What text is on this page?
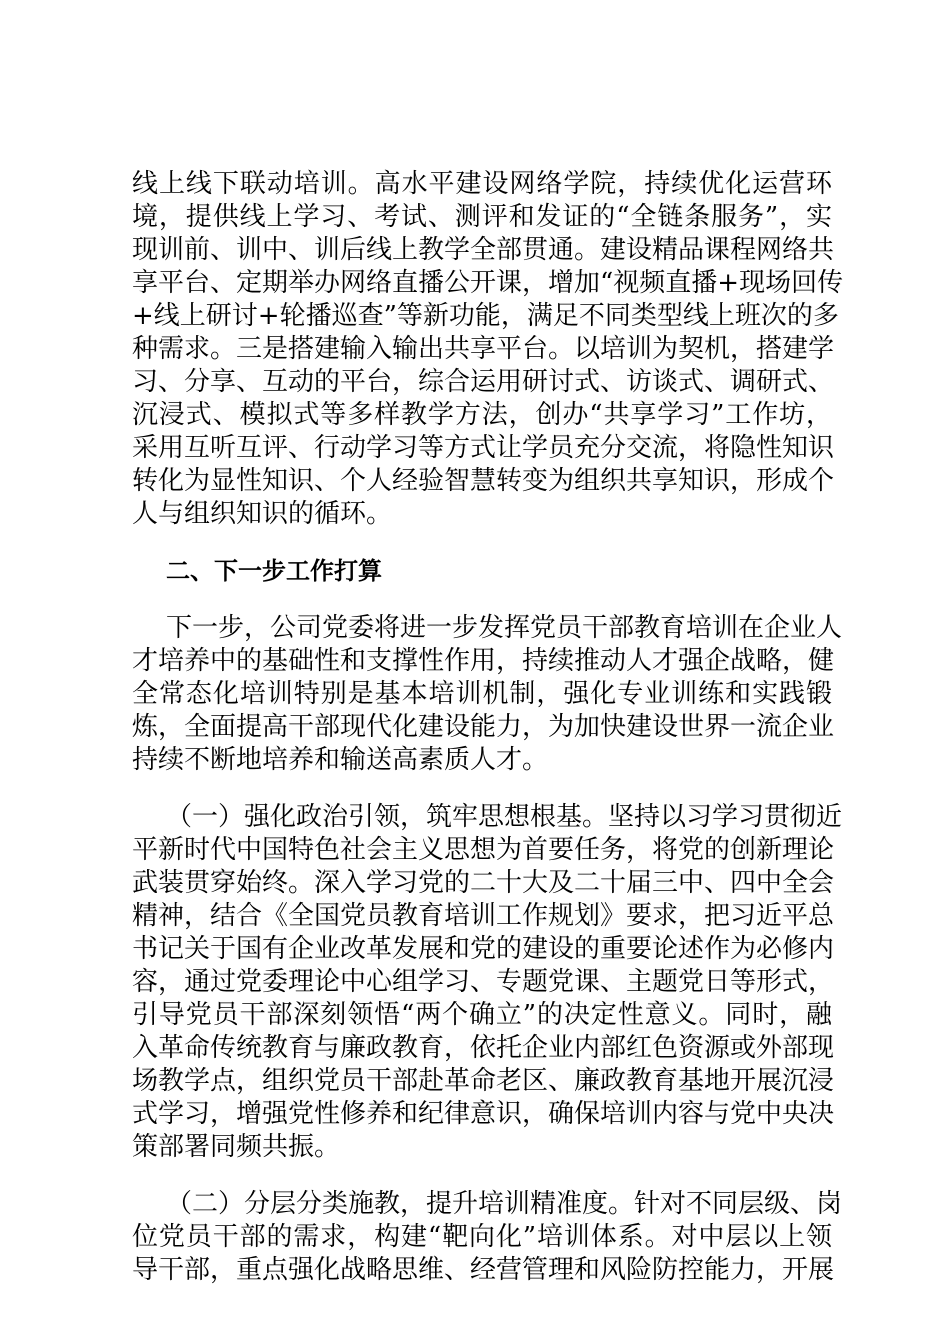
线上线下联动培训。高水平建设网络学院，持续优化运营环
境，提供线上学习、考试、测评和发证的“全链条服务”，实
现训前、训中、训后线上教学全部贯通。建设精品课程网络共
享平台、定期举办网络直播公开课，增加“视频直播+现场回传
+线上研讨+轮播巡查”等新功能，满足不同类型线上班次的多
种需求。三是搭建输入输出共享平台。以培训为契机，搭建学
习、分享、互动的平台，综合运用研讨式、访谈式、调研式、
沉浸式、模拟式等多样教学方法，创办“共享学习”工作坊，
采用互听互评、行动学习等方式让学员充分交流，将隐性知识
转化为显性知识、个人经验智慧转变为组织共享知识，形成个
人与组织知识的循环。
二、下一步工作打算
下一步，公司党委将进一步发挥党员干部教育培训在企业人
才培养中的基础性和支撑性作用，持续推动人才强企战略，健
全常态化培训特别是基本培训机制，强化专业训练和实践锻
炼，全面提高干部现代化建设能力，为加快建设世界一流企业
持续不断地培养和输送高素质人才。
（一）强化政治引领，筑牢思想根基。坚持以习学习贯彻近
平新时代中国特色社会主义思想为首要任务，将党的创新理论
武装贯穿始终。深入学习党的二十大及二十届三中、四中全会
精神，结合《全国党员教育培训工作规划》要求，把习近平总
书记关于国有企业改革发展和党的建设的重要论述作为必修内
容，通过党委理论中心组学习、专题党课、主题党日等形式，
引导党员干部深刻领悟“两个确立”的决定性意义。同时，融
入革命传统教育与廉政教育，依托企业内部红色资源或外部现
场教学点，组织党员干部赴革命老区、廉政教育基地开展沉浸
式学习，增强党性修养和纪律意识，确保培训内容与党中央决
策部署同频共振。
（二）分层分类施教，提升培训精准度。针对不同层级、岗
位党员干部的需求，构建“靶向化”培训体系。对中层以上领
导干部，重点强化战略思维、经营管理和风险防控能力，开展
